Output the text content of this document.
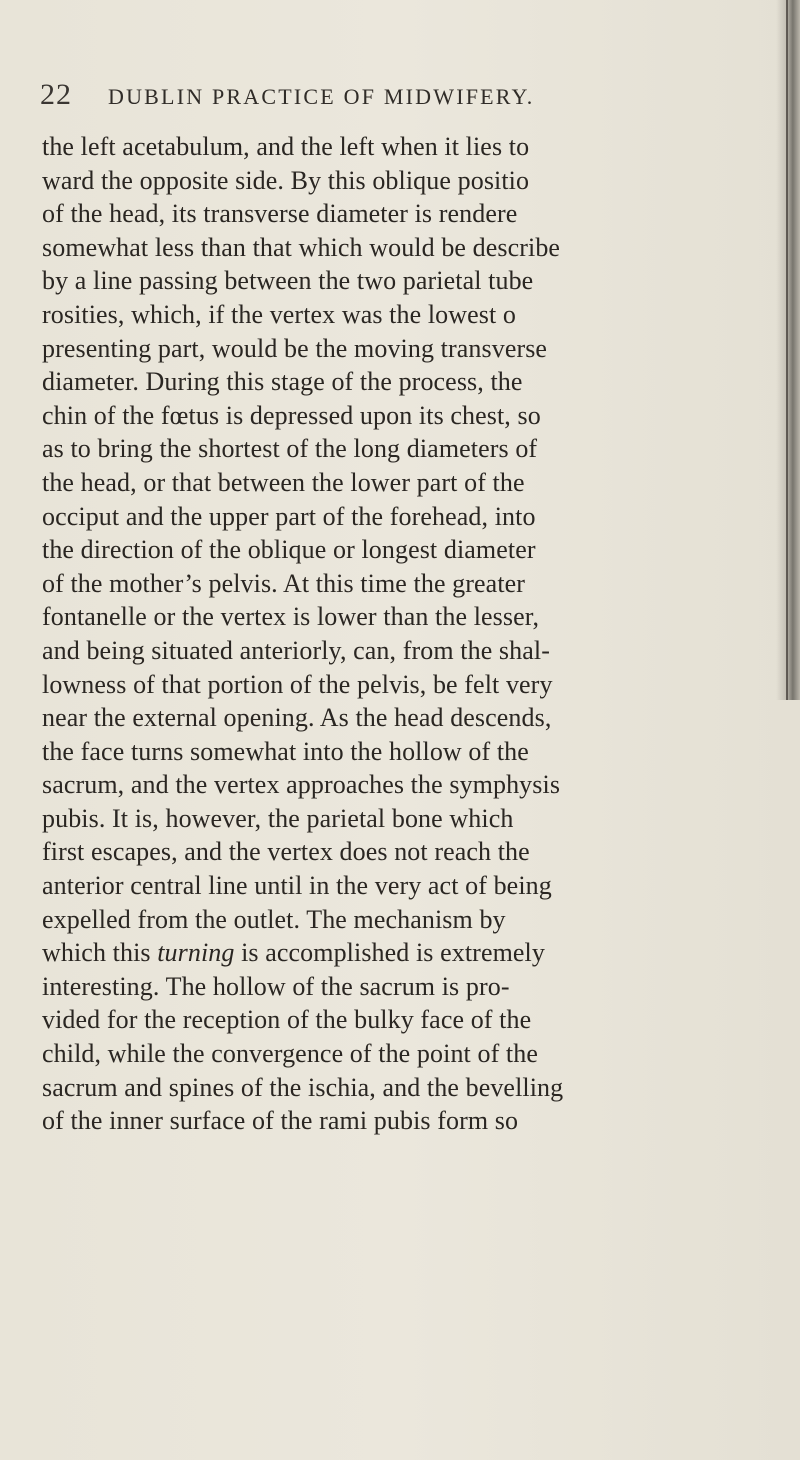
22 DUBLIN PRACTICE OF MIDWIFERY.
the left acetabulum, and the left when it lies to
ward the opposite side. By this oblique positio
of the head, its transverse diameter is rendere
somewhat less than that which would be describe
by a line passing between the two parietal tube
rosities, which, if the vertex was the lowest o
presenting part, would be the moving transverse
diameter. During this stage of the process, the
chin of the fœtus is depressed upon its chest, so
as to bring the shortest of the long diameters of
the head, or that between the lower part of the
occiput and the upper part of the forehead, into
the direction of the oblique or longest diameter
of the mother’s pelvis. At this time the greater
fontanelle or the vertex is lower than the lesser,
and being situated anteriorly, can, from the shal-
lowness of that portion of the pelvis, be felt very
near the external opening. As the head descends,
the face turns somewhat into the hollow of the
sacrum, and the vertex approaches the symphysis
pubis. It is, however, the parietal bone which
first escapes, and the vertex does not reach the
anterior central line until in the very act of being
expelled from the outlet. The mechanism by
which this turning is accomplished is extremely
interesting. The hollow of the sacrum is pro-
vided for the reception of the bulky face of the
child, while the convergence of the point of the
sacrum and spines of the ischia, and the bevelling
of the inner surface of the rami pubis form so
